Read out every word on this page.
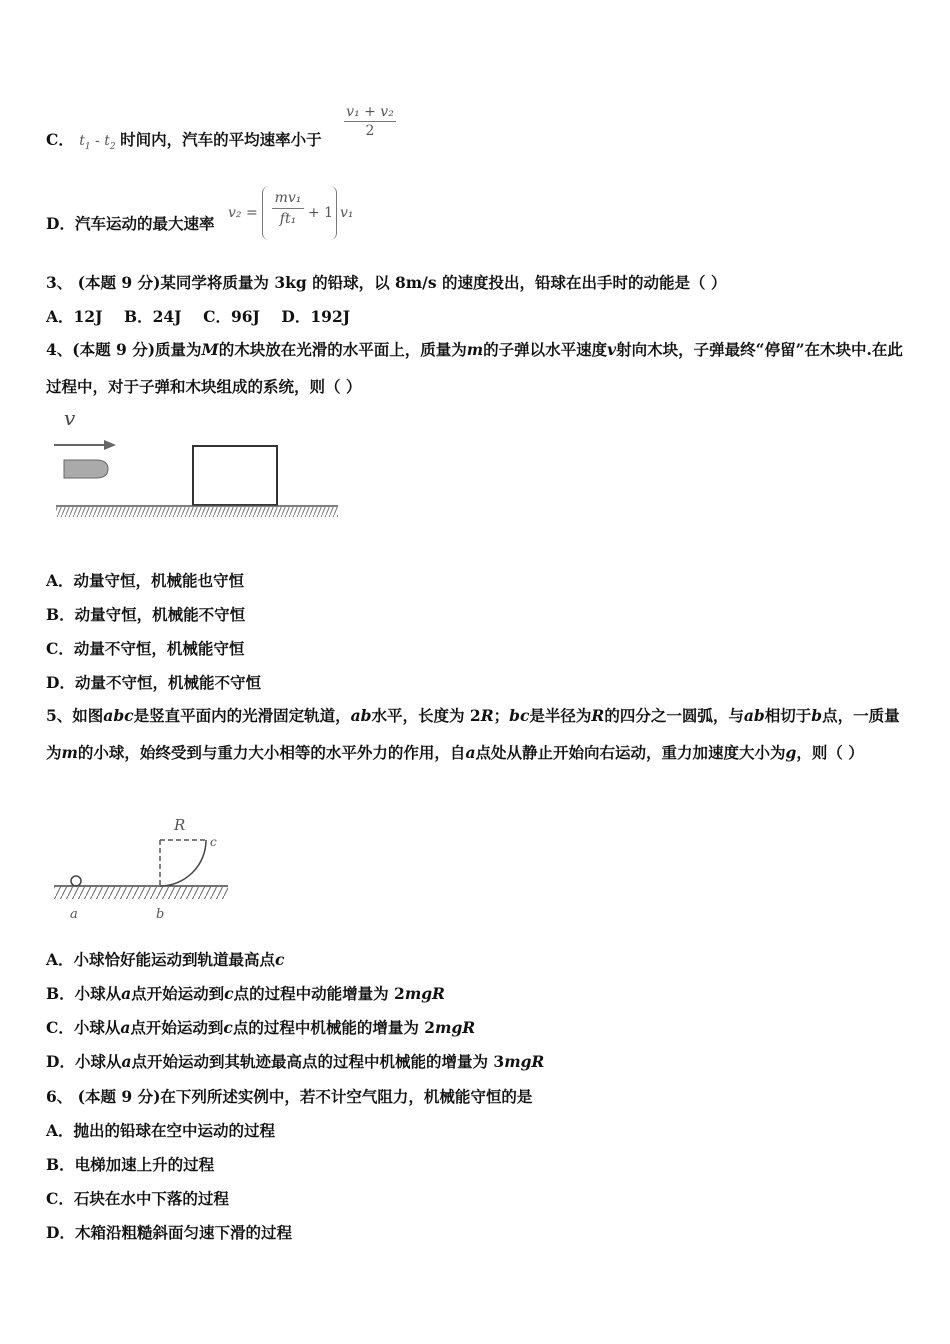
C． $t_1 - t_2$ 时间内，汽车的平均速率小于
v₁ + v₂
2
D．汽车运动的最大速率
v₂ =
mv₁
ft₁ + 1 v₁
3、 (本题 9 分)某同学将质量为 3kg 的铅球，以 8m/s 的速度投出，铅球在出手时的动能是（ ）
A．12J    B．24J    C．96J    D．192J
4、(本题 9 分)质量为M的木块放在光滑的水平面上，质量为m的子弹以水平速度v射向木块，子弹最终“停留”在木块中.在此过程中，对于子弹和木块组成的系统，则（ ）
v
A．动量守恒，机械能也守恒
B．动量守恒，机械能不守恒
C．动量不守恒，机械能守恒
D．动量不守恒，机械能不守恒
5、如图abc是竖直平面内的光滑固定轨道，ab水平，长度为 2R；bc是半径为R的四分之一圆弧，与ab相切于b点，一质量为m的小球，始终受到与重力大小相等的水平外力的作用，自a点处从静止开始向右运动，重力加速度大小为g，则（ ）
R
c
a	b
A．小球恰好能运动到轨道最高点c
B．小球从a点开始运动到c点的过程中动能增量为 2mgR
C．小球从a点开始运动到c点的过程中机械能的增量为 2mgR
D．小球从a点开始运动到其轨迹最高点的过程中机械能的增量为 3mgR
6、 (本题 9 分)在下列所述实例中，若不计空气阻力，机械能守恒的是
A．抛出的铅球在空中运动的过程
B．电梯加速上升的过程
C．石块在水中下落的过程
D．木箱沿粗糙斜面匀速下滑的过程
